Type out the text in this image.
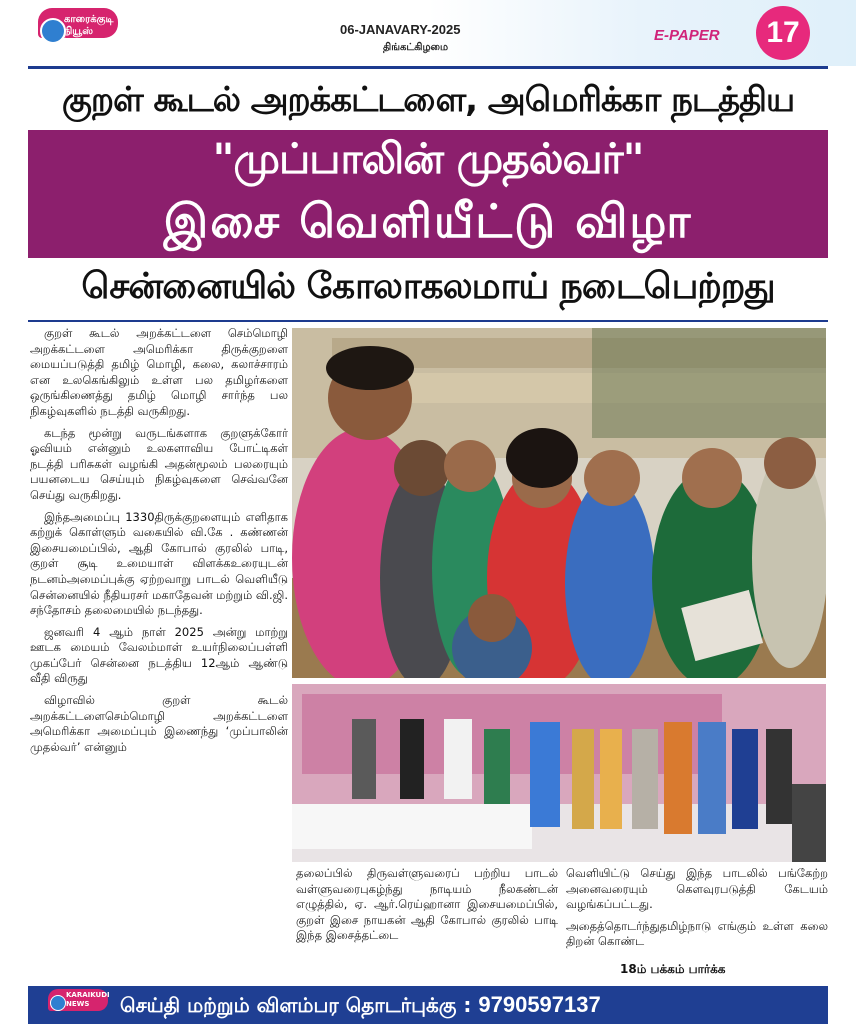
காரைக்குடி நியூஸ்	06-JANAVARY-2025
திங்கட்கிழமை
E-PAPER	17
குறள் கூடல் அறக்கட்டளை, அமெரிக்கா நடத்திய
"முப்பாலின் முதல்வர்"
இசை வெளியீட்டு விழா
சென்னையில் கோலாகலமாய் நடைபெற்றது

குறள் கூடல் அறக்கட்டளை செம்மொழி அறக்கட்டளை அமெரிக்கா திருக்குறளை மையப்படுத்தி தமிழ் மொழி, கலை, கலாச்சாரம் என உலகெங்கிலும் உள்ள பல தமிழர்களை ஒருங்கிணைத்து தமிழ் மொழி சார்ந்த பல நிகழ்வுகளில் நடத்தி வருகிறது.

கடந்த மூன்று வருடங்களாக குறளுக்கோர் ஓவியம் என்னும் உலகளாவிய போட்டிகள் நடத்தி பரிசுகள் வழங்கி அதன்மூலம் பலரையும் பயனடைய செய்யும் நிகழ்வுகளை செவ்வனே செய்து வருகிறது.

இந்தஅமைப்பு 1330திருக்குறளையும் எளிதாக கற்றுக் கொள்ளும் வகையில் வி.கே . கண்ணன் இசையமைப்பில், ஆதி கோபால் குரலில் பாடி, குறள் சூடி உமையாள் விளக்கஉரையுடன் நடனம்அமைப்புக்கு ஏற்றவாறு பாடல் வெளியீடு சென்னையில் நீதியரசர் மகாதேவன் மற்றும் வி.ஜி. சந்தோசம் தலைமையில் நடந்தது.

ஜனவரி 4 ஆம் நாள் 2025 அன்று மாற்று ஊடக மையம் வேலம்மாள் உயர்நிலைப்பள்ளி முகப்பேர் சென்னை நடத்திய 12ஆம் ஆண்டு வீதி விருது

விழாவில் குறள் கூடல் அறக்கட்டளைசெம்மொழி அறக்கட்டளை அமெரிக்கா அமைப்பும் இணைந்து ‘முப்பாலின் முதல்வர்’ என்னும்

தலைப்பில் திருவள்ளுவரைப் பற்றிய பாடல் வள்ளுவரைபுகழ்ந்து நாடியம் நீலகண்டன் எழுத்தில், ஏ. ஆர்.ரெய்ஹானா இசையமைப்பில், குறள் இசை நாயகன் ஆதி கோபால் குரலில் பாடி இந்த இசைத்தட்டை

வெளியிட்டு செய்து இந்த பாடலில் பங்கேற்ற அனைவரையும் கௌவுரபடுத்தி கேடயம் வழங்கப்பட்டது.

அதைத்தொடர்ந்துதமிழ்நாடு எங்கும் உள்ள கலை திறன் கொண்ட

18ம் பக்கம் பார்க்க
KARAIKUDI
NEWS	செய்தி மற்றும் விளம்பர தொடர்புக்கு : 9790597137
